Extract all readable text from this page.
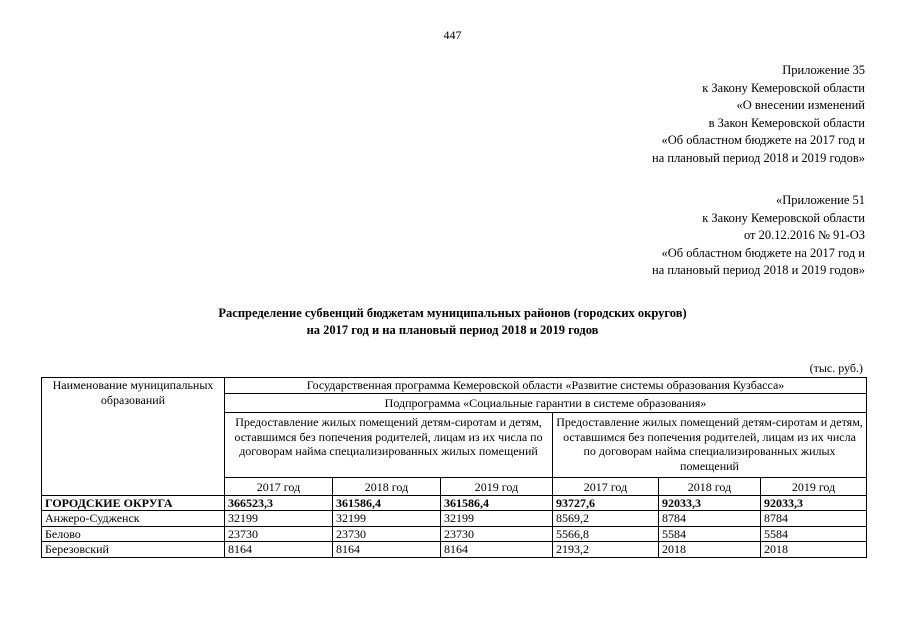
447
Приложение 35
к Закону Кемеровской области
«О внесении изменений
в Закон Кемеровской области
«Об областном бюджете на 2017 год и
на плановый период 2018 и 2019 годов»
«Приложение 51
к Закону Кемеровской области
от 20.12.2016 № 91-ОЗ
«Об областном бюджете на 2017 год и
на плановый период 2018 и 2019 годов»
Распределение субвенций бюджетам муниципальных районов (городских округов)
на 2017 год и на плановый период 2018 и 2019 годов
(тыс. руб.)
Наименование муниципальных образований	Государственная программа Кемеровской области «Развитие системы образования Кузбасса»					
	Подпрограмма «Социальные гарантии в системе образования»					
	Предоставление жилых помещений детям-сиротам и детям, оставшимся без попечения родителей, лицам из их числа по договорам найма специализированных жилых помещений			Предоставление жилых помещений детям-сиротам и детям, оставшимся без попечения родителей, лицам из их числа по договорам найма специализированных жилых помещений		
	2017 год	2018 год	2019 год	2017 год	2018 год	2019 год
ГОРОДСКИЕ ОКРУГА	366523,3	361586,4	361586,4	93727,6	92033,3	92033,3
Анжеро-Судженск	32199	32199	32199	8569,2	8784	8784
Белово	23730	23730	23730	5566,8	5584	5584
Березовский	8164	8164	8164	2193,2	2018	2018
